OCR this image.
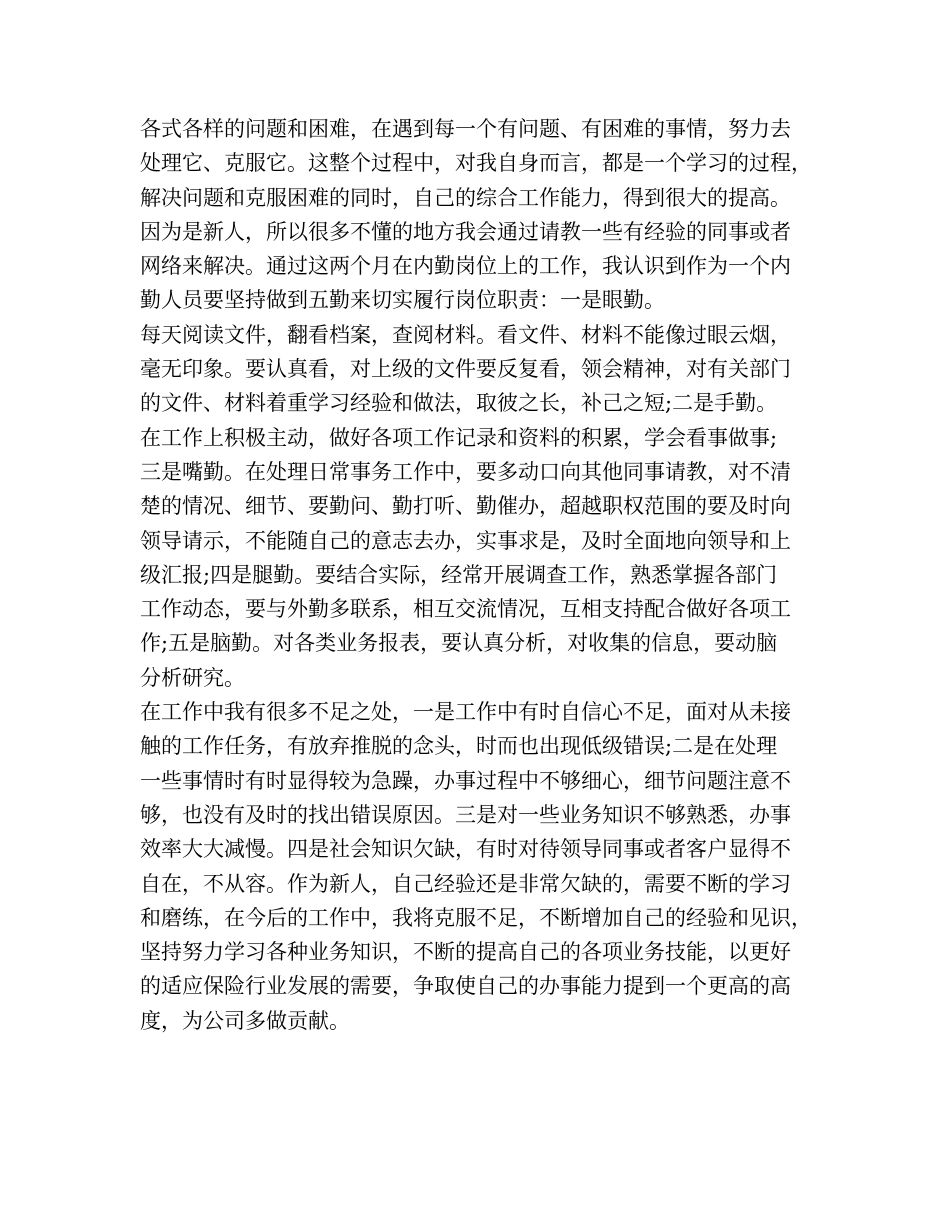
各式各样的问题和困难，在遇到每一个有问题、有困难的事情，努力去
处理它、克服它。这整个过程中，对我自身而言，都是一个学习的过程，
解决问题和克服困难的同时，自己的综合工作能力，得到很大的提高。
因为是新人，所以很多不懂的地方我会通过请教一些有经验的同事或者
网络来解决。通过这两个月在内勤岗位上的工作，我认识到作为一个内
勤人员要坚持做到五勤来切实履行岗位职责：一是眼勤。
每天阅读文件，翻看档案，查阅材料。看文件、材料不能像过眼云烟，
毫无印象。要认真看，对上级的文件要反复看，领会精神，对有关部门
的文件、材料着重学习经验和做法，取彼之长，补己之短;二是手勤。
在工作上积极主动，做好各项工作记录和资料的积累，学会看事做事;
三是嘴勤。在处理日常事务工作中，要多动口向其他同事请教，对不清
楚的情况、细节、要勤问、勤打听、勤催办，超越职权范围的要及时向
领导请示，不能随自己的意志去办，实事求是，及时全面地向领导和上
级汇报;四是腿勤。要结合实际，经常开展调查工作，熟悉掌握各部门
工作动态，要与外勤多联系，相互交流情况，互相支持配合做好各项工
作;五是脑勤。对各类业务报表，要认真分析，对收集的信息，要动脑
分析研究。
在工作中我有很多不足之处，一是工作中有时自信心不足，面对从未接
触的工作任务，有放弃推脱的念头，时而也出现低级错误;二是在处理
一些事情时有时显得较为急躁，办事过程中不够细心，细节问题注意不
够，也没有及时的找出错误原因。三是对一些业务知识不够熟悉，办事
效率大大减慢。四是社会知识欠缺，有时对待领导同事或者客户显得不
自在，不从容。作为新人，自己经验还是非常欠缺的，需要不断的学习
和磨练，在今后的工作中，我将克服不足，不断增加自己的经验和见识，
坚持努力学习各种业务知识，不断的提高自己的各项业务技能，以更好
的适应保险行业发展的需要，争取使自己的办事能力提到一个更高的高
度，为公司多做贡献。
